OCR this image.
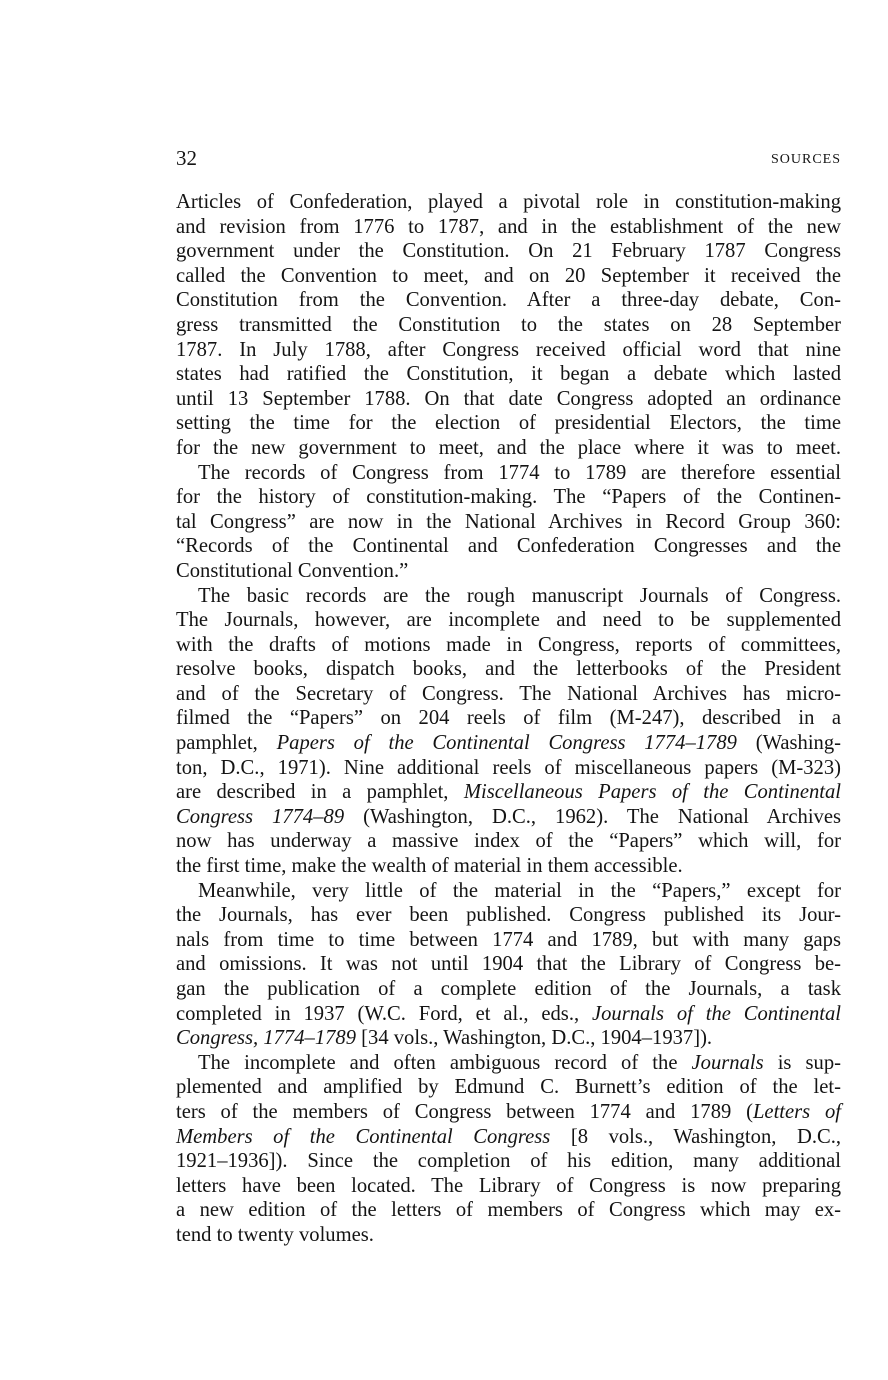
32	SOURCES

Articles of Confederation, played a pivotal role in constitution-making
and revision from 1776 to 1787, and in the establishment of the new
government under the Constitution. On 21 February 1787 Congress
called the Convention to meet, and on 20 September it received the
Constitution from the Convention. After a three-day debate, Con-
gress transmitted the Constitution to the states on 28 September
1787. In July 1788, after Congress received official word that nine
states had ratified the Constitution, it began a debate which lasted
until 13 September 1788. On that date Congress adopted an ordinance
setting the time for the election of presidential Electors, the time
for the new government to meet, and the place where it was to meet.

The records of Congress from 1774 to 1789 are therefore essential
for the history of constitution-making. The “Papers of the Continen-
tal Congress” are now in the National Archives in Record Group 360:
“Records of the Continental and Confederation Congresses and the
Constitutional Convention.”

The basic records are the rough manuscript Journals of Congress.
The Journals, however, are incomplete and need to be supplemented
with the drafts of motions made in Congress, reports of committees,
resolve books, dispatch books, and the letterbooks of the President
and of the Secretary of Congress. The National Archives has micro-
filmed the “Papers” on 204 reels of film (M-247), described in a
pamphlet, Papers of the Continental Congress 1774–1789 (Washing-
ton, D.C., 1971). Nine additional reels of miscellaneous papers (M-323)
are described in a pamphlet, Miscellaneous Papers of the Continental
Congress 1774–89 (Washington, D.C., 1962). The National Archives
now has underway a massive index of the “Papers” which will, for
the first time, make the wealth of material in them accessible.

Meanwhile, very little of the material in the “Papers,” except for
the Journals, has ever been published. Congress published its Jour-
nals from time to time between 1774 and 1789, but with many gaps
and omissions. It was not until 1904 that the Library of Congress be-
gan the publication of a complete edition of the Journals, a task
completed in 1937 (W.C. Ford, et al., eds., Journals of the Continental
Congress, 1774–1789 [34 vols., Washington, D.C., 1904–1937]).

The incomplete and often ambiguous record of the Journals is sup-
plemented and amplified by Edmund C. Burnett’s edition of the let-
ters of the members of Congress between 1774 and 1789 (Letters of
Members of the Continental Congress [8 vols., Washington, D.C.,
1921–1936]). Since the completion of his edition, many additional
letters have been located. The Library of Congress is now preparing
a new edition of the letters of members of Congress which may ex-
tend to twenty volumes.
